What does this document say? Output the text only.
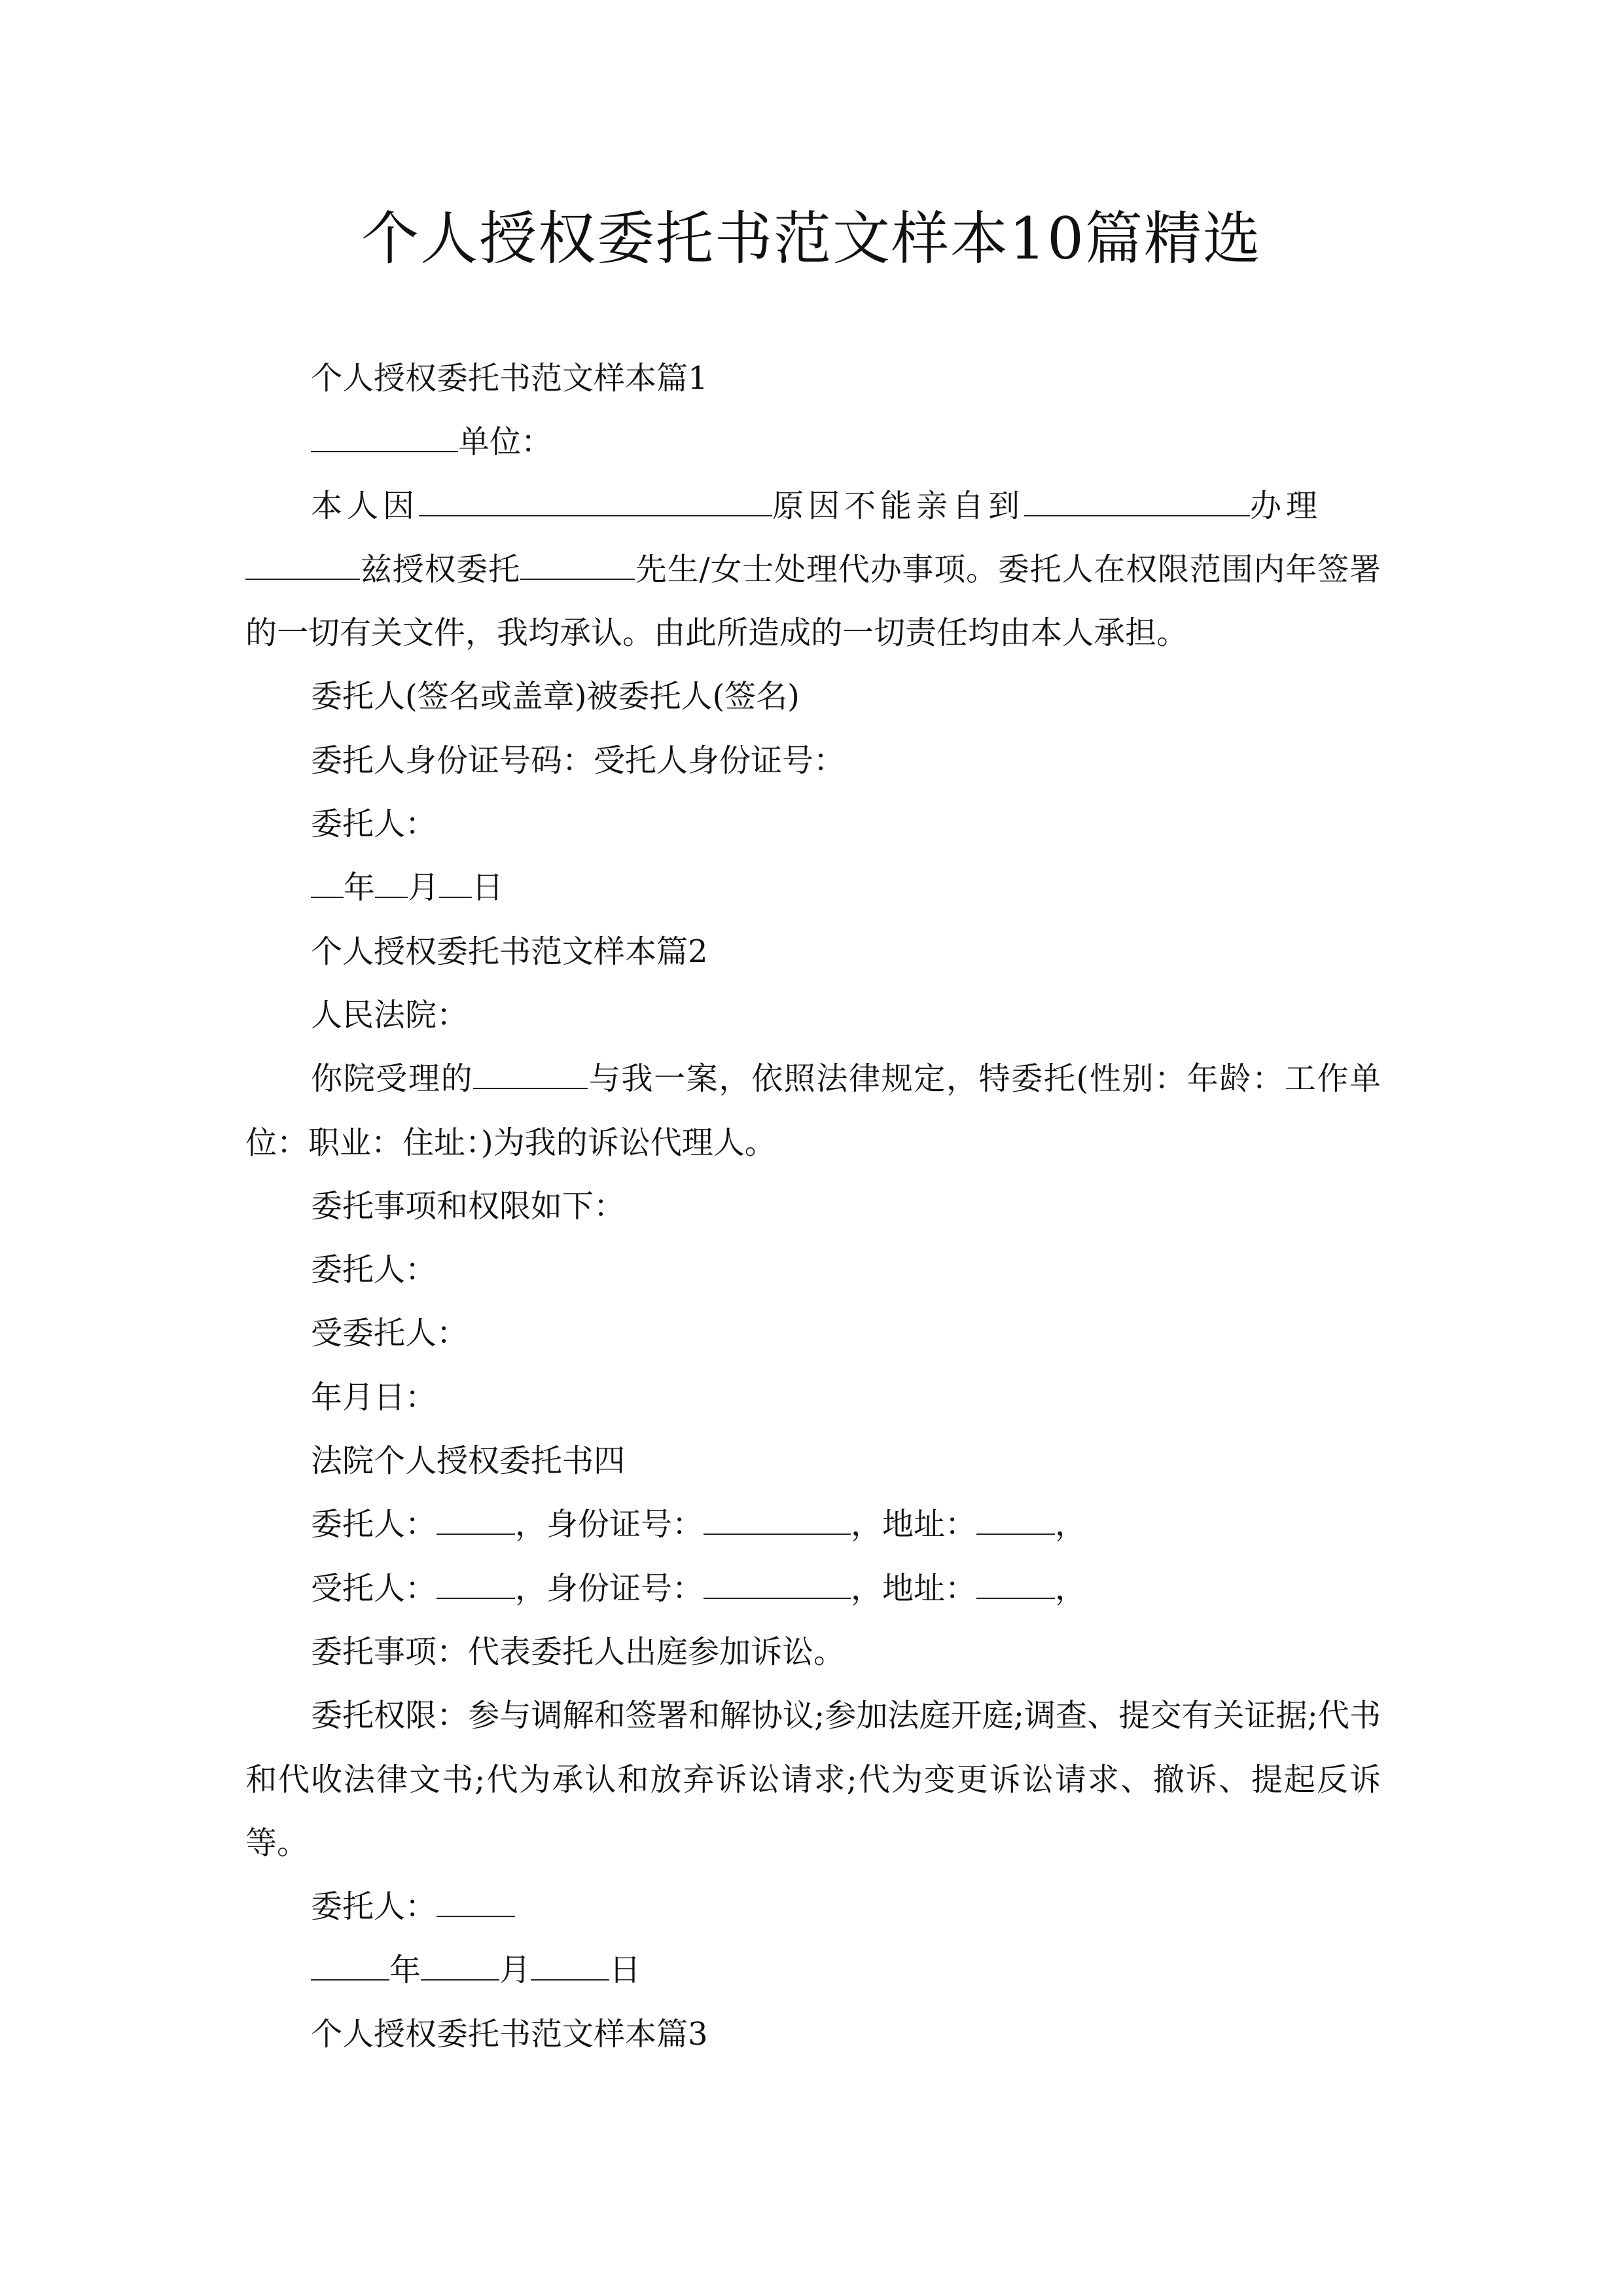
个人授权委托书范文样本10篇精选

个人授权委托书范文样本篇1

单位：

本人因	原因不能亲自到	办理

兹授权委托	先生/女士处理代办事项。委托人在权限范围内年签署的一切有关文件，我均承认。由此所造成的一切责任均由本人承担。

委托人(签名或盖章)被委托人(签名)

委托人身份证号码：受托人身份证号：

委托人：

年 月 日

个人授权委托书范文样本篇2

人民法院：

你院受理的	与我一案，依照法律规定，特委托(性别：年龄：工作单位：职业：住址：)为我的诉讼代理人。

委托事项和权限如下：

委托人：

受委托人：

年月日：

法院个人授权委托书四

委托人：	，身份证号：	，地址：	，

受托人：	，身份证号：	，地址：	，

委托事项：代表委托人出庭参加诉讼。

委托权限：参与调解和签署和解协议;参加法庭开庭;调查、提交有关证据;代书和代收法律文书;代为承认和放弃诉讼请求;代为变更诉讼请求、撤诉、提起反诉等。

委托人：

年	月	日

个人授权委托书范文样本篇3
